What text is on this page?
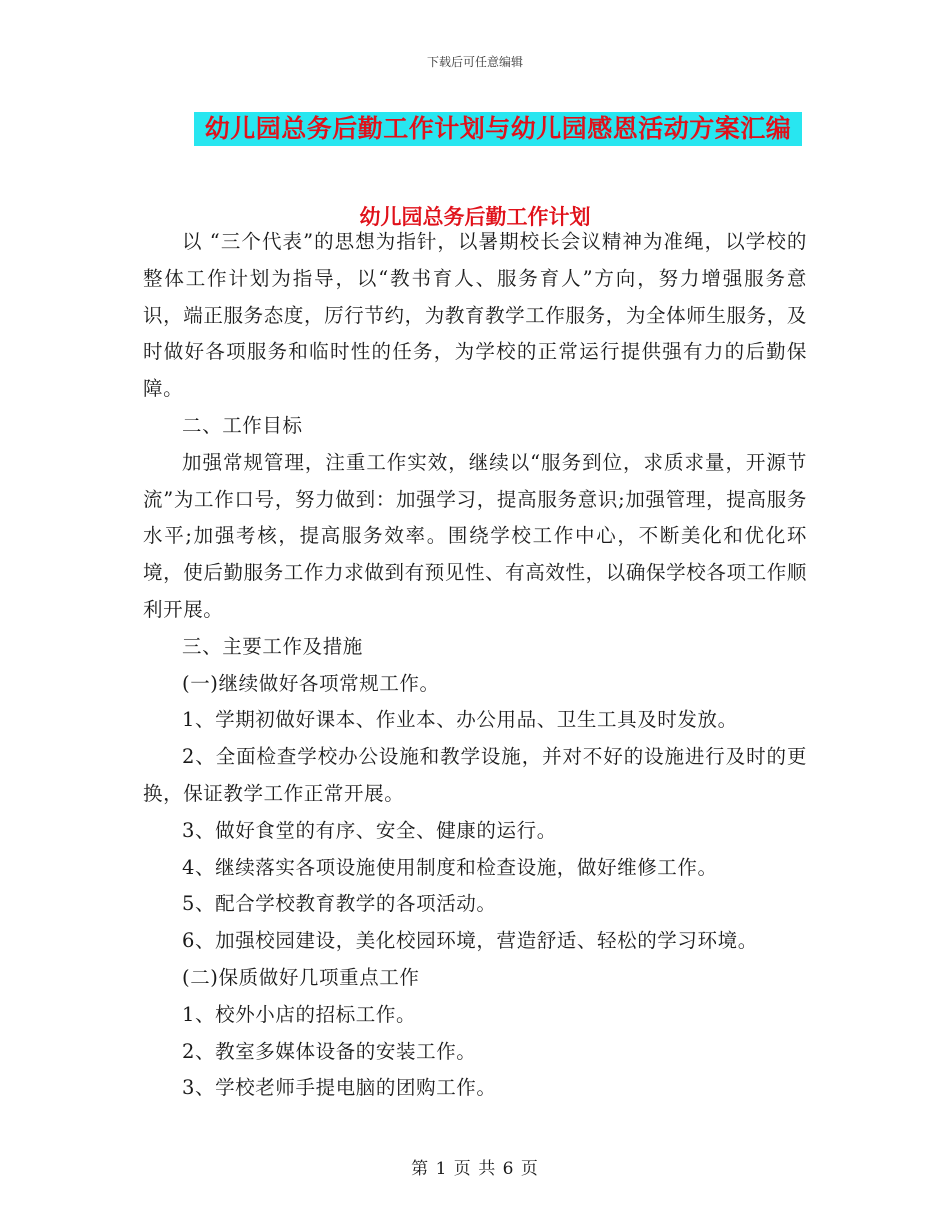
下载后可任意编辑
幼儿园总务后勤工作计划与幼儿园感恩活动方案汇编
幼儿园总务后勤工作计划

以 “三个代表”的思想为指针，以暑期校长会议精神为准绳，以学校的整体工作计划为指导，以“教书育人、服务育人”方向，努力增强服务意识，端正服务态度，厉行节约，为教育教学工作服务，为全体师生服务，及时做好各项服务和临时性的任务，为学校的正常运行提供强有力的后勤保障。

二、工作目标

加强常规管理，注重工作实效，继续以“服务到位，求质求量，开源节流”为工作口号，努力做到：加强学习，提高服务意识;加强管理，提高服务水平;加强考核，提高服务效率。围绕学校工作中心，不断美化和优化环境，使后勤服务工作力求做到有预见性、有高效性，以确保学校各项工作顺利开展。

三、主要工作及措施

(一)继续做好各项常规工作。

1、学期初做好课本、作业本、办公用品、卫生工具及时发放。

2、全面检查学校办公设施和教学设施，并对不好的设施进行及时的更换，保证教学工作正常开展。

3、做好食堂的有序、安全、健康的运行。

4、继续落实各项设施使用制度和检查设施，做好维修工作。

5、配合学校教育教学的各项活动。

6、加强校园建设，美化校园环境，营造舒适、轻松的学习环境。

(二)保质做好几项重点工作

1、校外小店的招标工作。

2、教室多媒体设备的安装工作。

3、学校老师手提电脑的团购工作。

第 1 页 共 6 页
